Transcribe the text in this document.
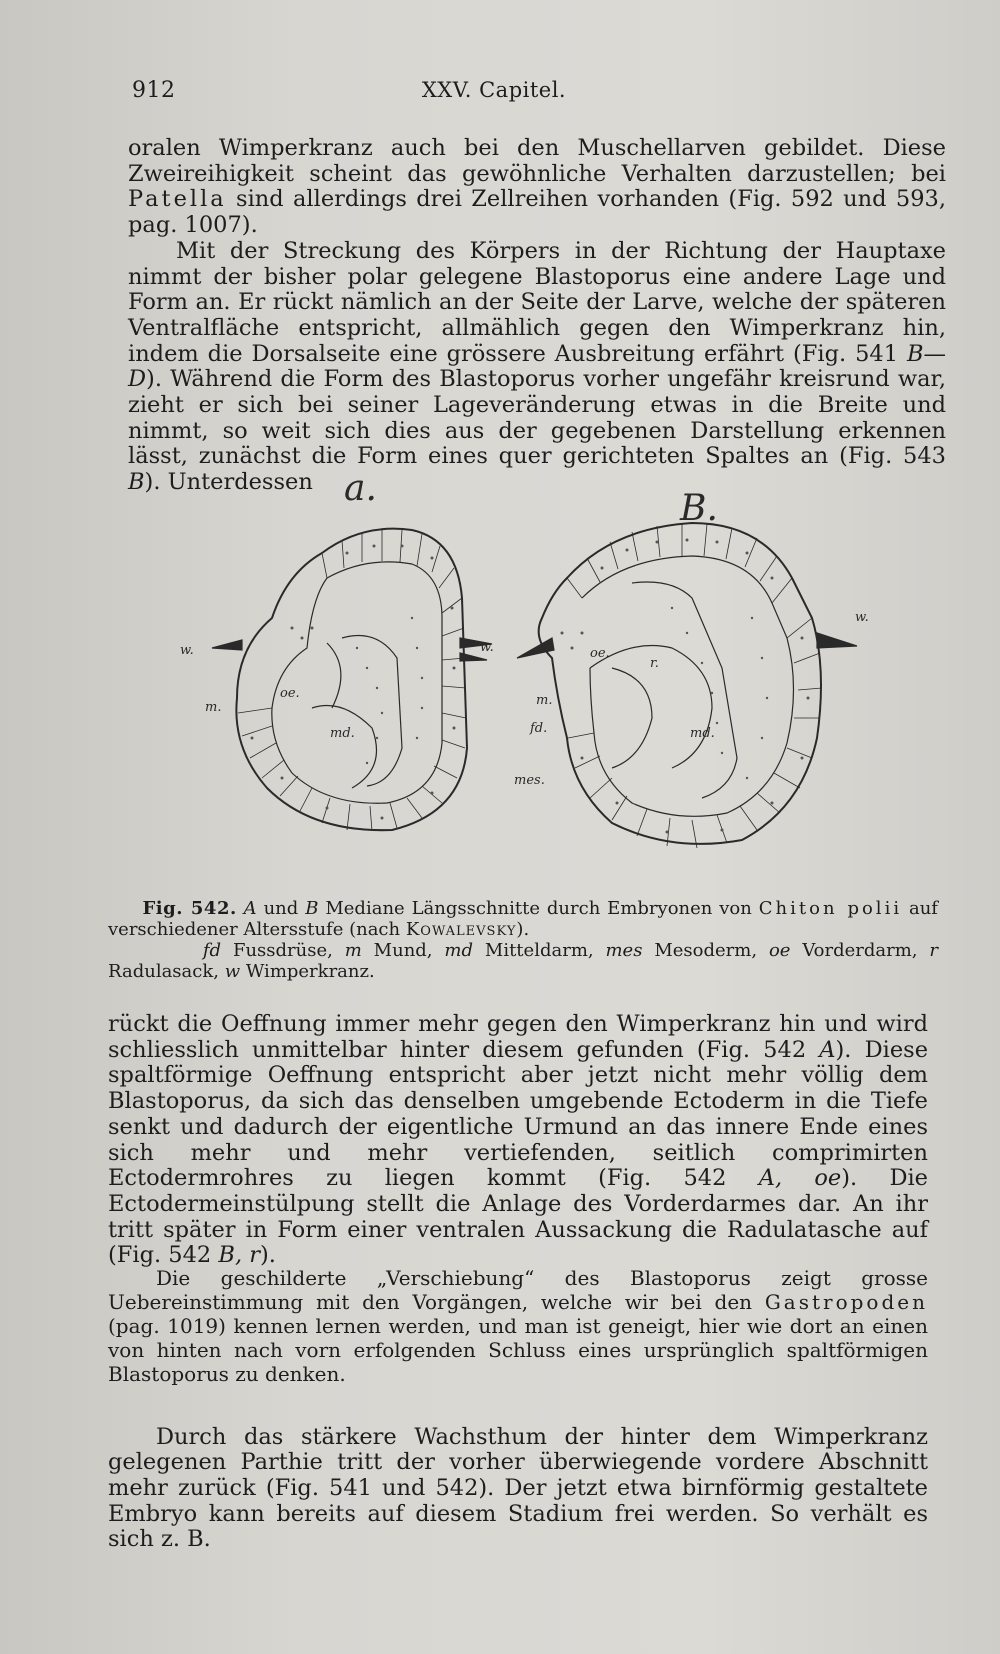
912	XXV. Capitel.

oralen Wimperkranz auch bei den Muschellarven gebildet. Diese Zweireihigkeit scheint das gewöhnliche Verhalten darzustellen; bei Patella sind allerdings drei Zellreihen vorhanden (Fig. 592 und 593, pag. 1007).

Mit der Streckung des Körpers in der Richtung der Hauptaxe nimmt der bisher polar gelegene Blastoporus eine andere Lage und Form an. Er rückt nämlich an der Seite der Larve, welche der späteren Ventralfläche entspricht, allmählich gegen den Wimperkranz hin, indem die Dorsalseite eine grössere Ausbreitung erfährt (Fig. 541 B—D). Während die Form des Blastoporus vorher ungefähr kreisrund war, zieht er sich bei seiner Lageveränderung etwas in die Breite und nimmt, so weit sich dies aus der gegebenen Darstellung erkennen lässt, zunächst die Form eines quer gerichteten Spaltes an (Fig. 543 B). Unterdessen a.	B.
w.
m.
oe.
md.
w.	oe.
r.
m.
fd.	md.
mes.
w.

Fig. 542. A und B Mediane Längsschnitte durch Embryonen von Chiton polii auf verschiedener Altersstufe (nach Kowalevsky).

fd Fussdrüse, m Mund, md Mitteldarm, mes Mesoderm, oe Vorderdarm, r Radulasack, w Wimperkranz.

rückt die Oeffnung immer mehr gegen den Wimperkranz hin und wird schliesslich unmittelbar hinter diesem gefunden (Fig. 542 A). Diese spaltförmige Oeffnung entspricht aber jetzt nicht mehr völlig dem Blastoporus, da sich das denselben umgebende Ectoderm in die Tiefe senkt und dadurch der eigentliche Urmund an das innere Ende eines sich mehr und mehr vertiefenden, seitlich comprimirten Ectodermrohres zu liegen kommt (Fig. 542 A, oe). Die Ectodermeinstülpung stellt die Anlage des Vorderdarmes dar. An ihr tritt später in Form einer ventralen Aussackung die Radulatasche auf (Fig. 542 B, r).

Die geschilderte „Verschiebung“ des Blastoporus zeigt grosse Uebereinstimmung mit den Vorgängen, welche wir bei den Gastropoden (pag. 1019) kennen lernen werden, und man ist geneigt, hier wie dort an einen von hinten nach vorn erfolgenden Schluss eines ursprünglich spaltförmigen Blastoporus zu denken.

Durch das stärkere Wachsthum der hinter dem Wimperkranz gelegenen Parthie tritt der vorher überwiegende vordere Abschnitt mehr zurück (Fig. 541 und 542). Der jetzt etwa birnförmig gestaltete Embryo kann bereits auf diesem Stadium frei werden. So verhält es sich z. B.
